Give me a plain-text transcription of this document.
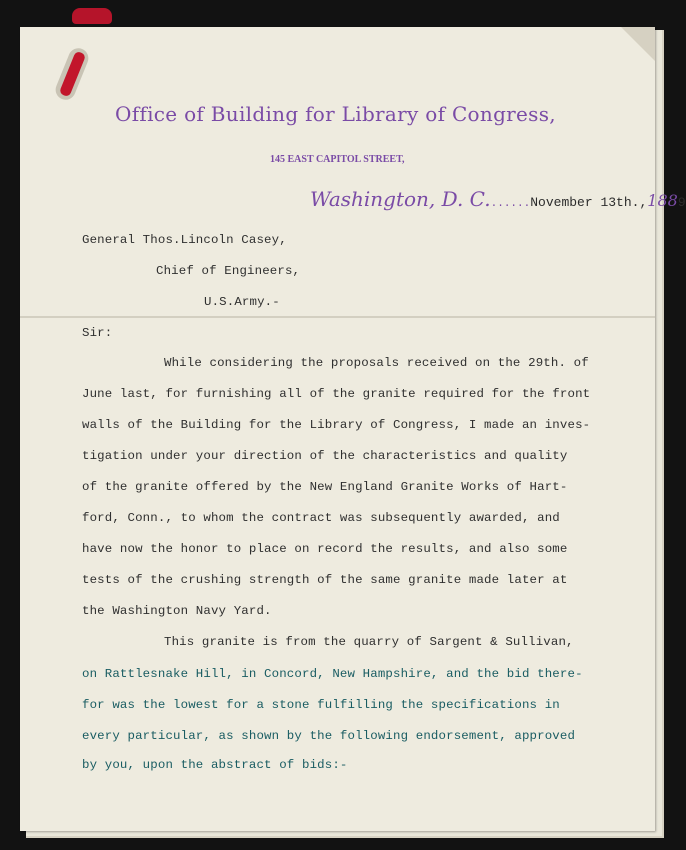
Office of Building for Library of Congress,
145 EAST CAPITOL STREET,
Washington, D. C.......November 13th.,1889
General Thos.Lincoln Casey,
Chief of Engineers,
U.S.Army.-
Sir:
While considering the proposals received on the 29th. of
June last, for furnishing all of the granite required for the front
walls of the Building for the Library of Congress, I made an inves-
tigation under your direction of the characteristics and quality
of the granite offered by the New England Granite Works of Hart-
ford, Conn., to whom the contract was subsequently awarded, and
have now the honor to place on record the results, and also some
tests of the crushing strength of the same granite made later at
the Washington Navy Yard.
This granite is from the quarry of Sargent & Sullivan,
on Rattlesnake Hill, in Concord, New Hampshire, and the bid there-
for was the lowest for a stone fulfilling the specifications in
every particular, as shown by the following endorsement, approved
by you, upon the abstract of bids:-
